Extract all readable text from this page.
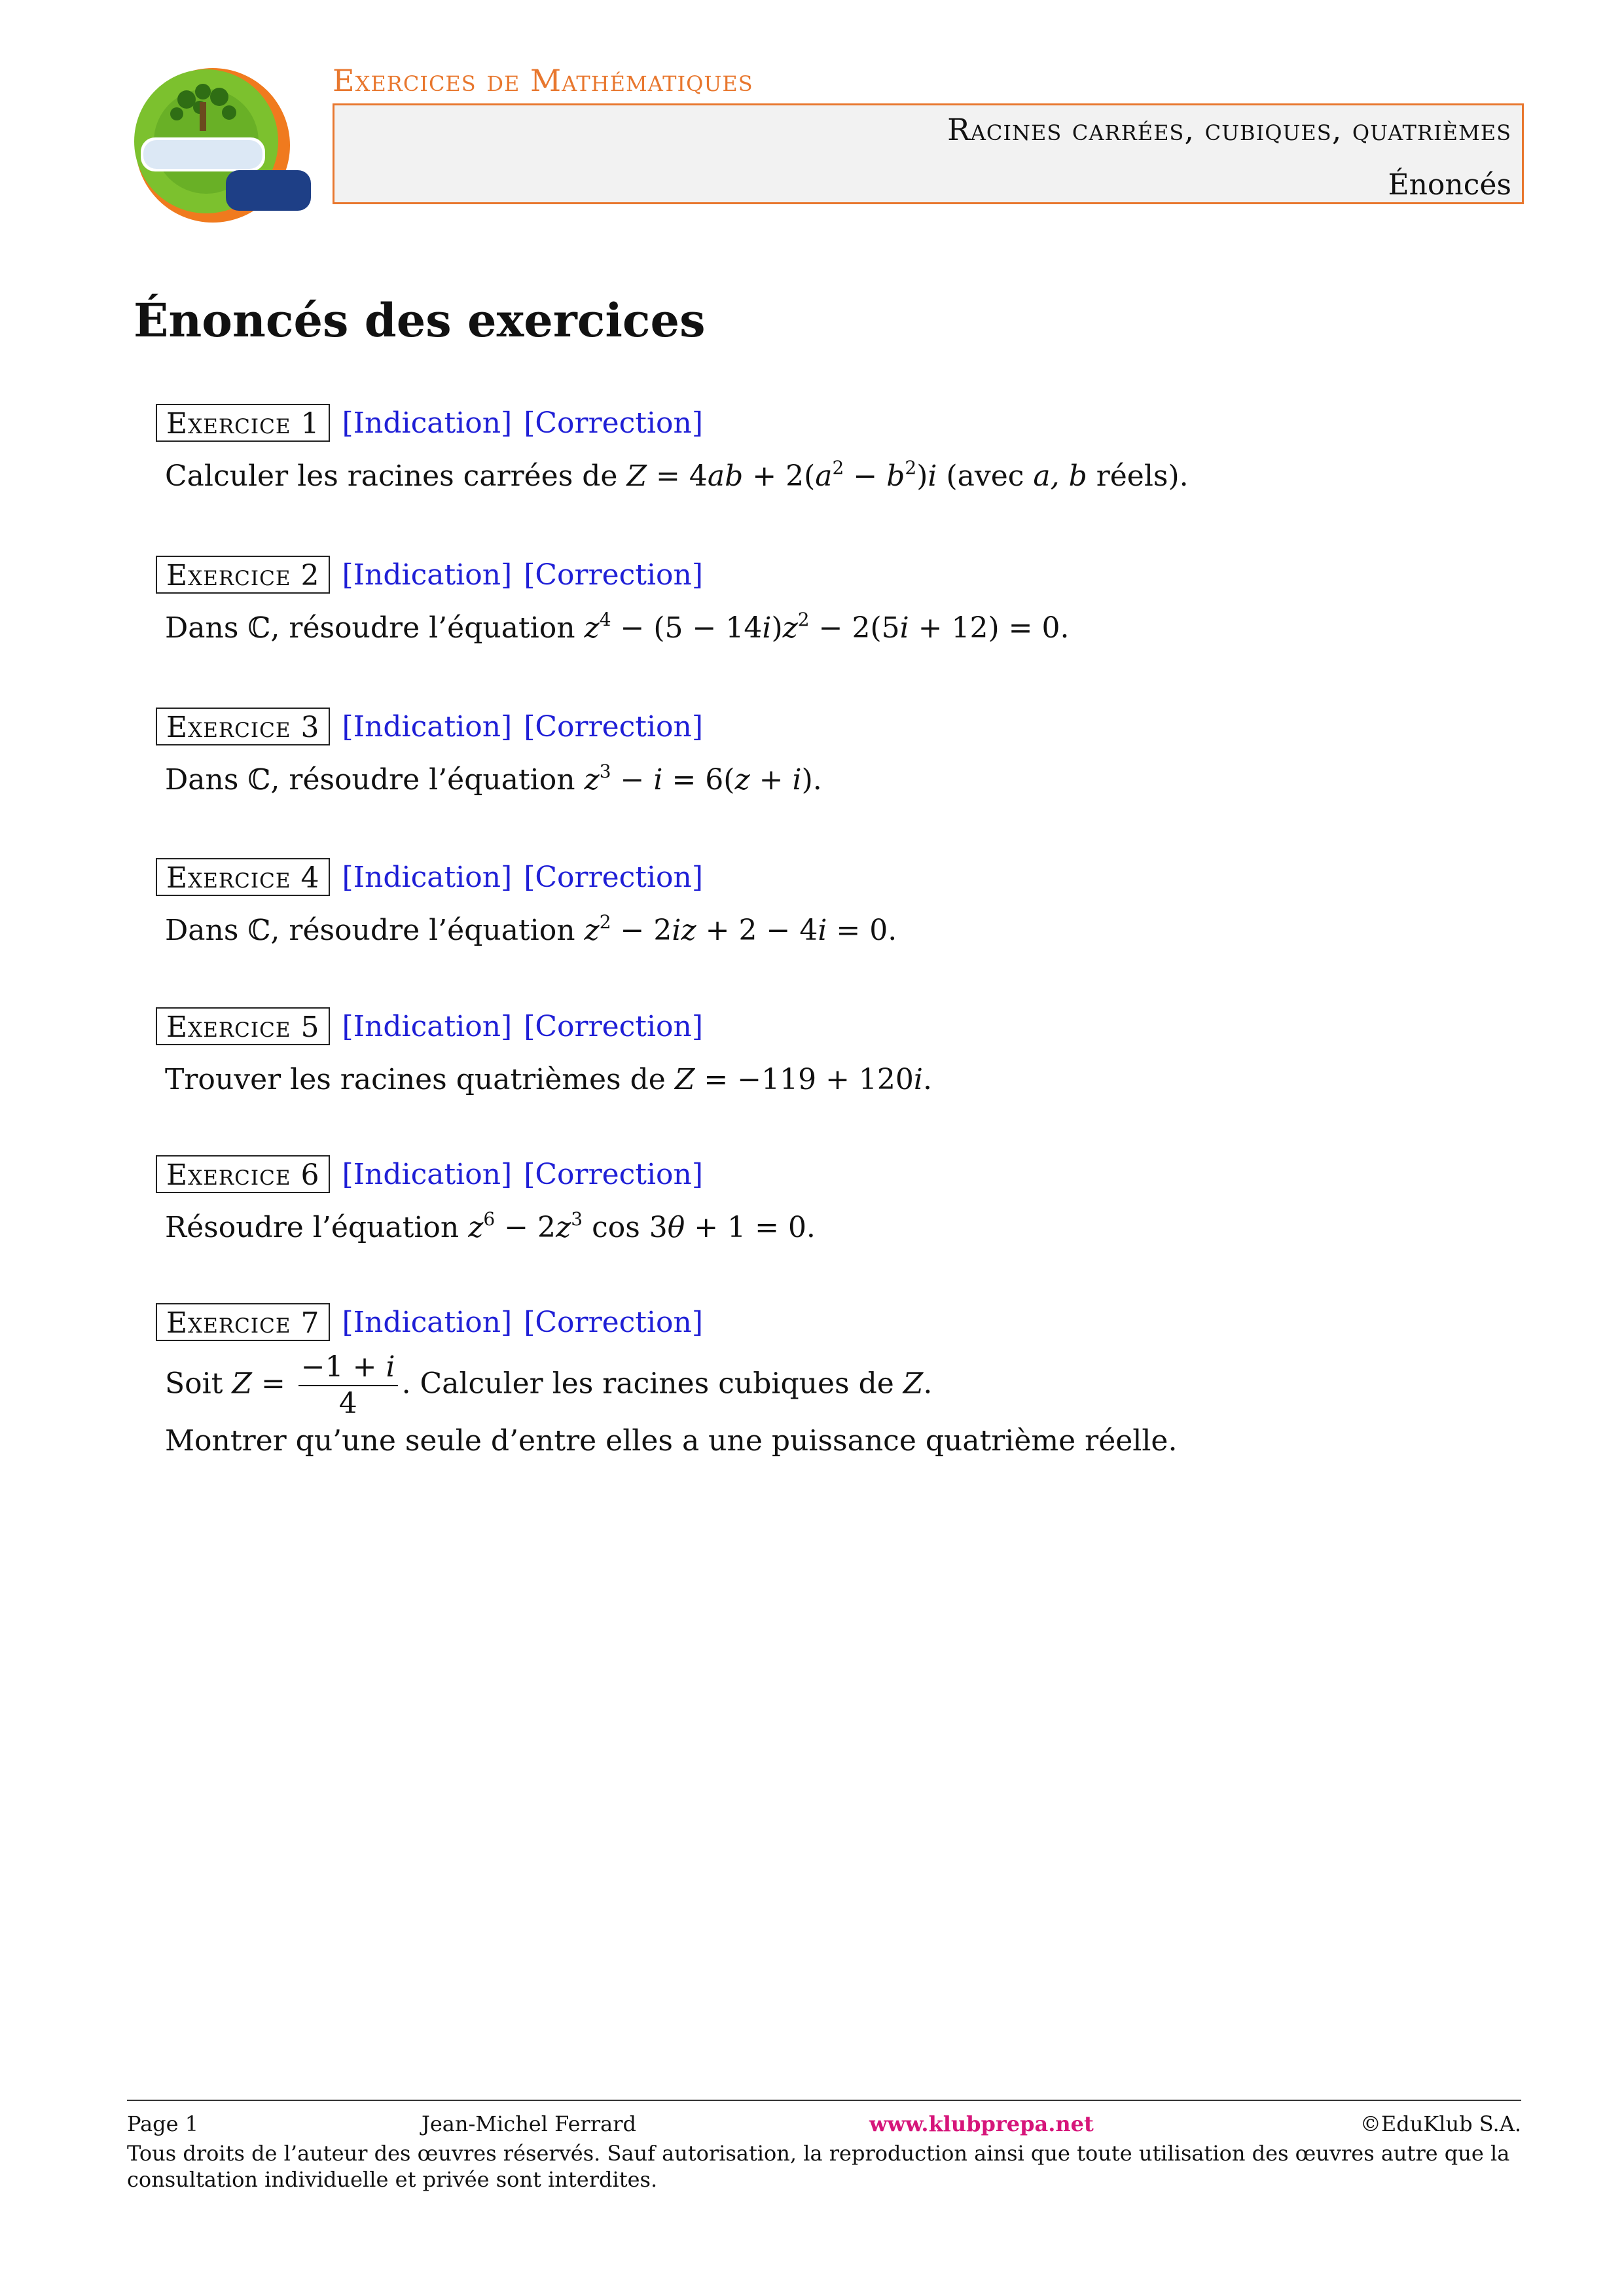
Exercices de Mathématiques
Racines carrées, cubiques, quatrièmes
Énoncés
Énoncés des exercices
Exercice 1 [Indication] [Correction]
Calculer les racines carrées de $Z = 4ab + 2(a^2 - b^2)i$ (avec a, b réels).
Exercice 2 [Indication] [Correction]
Dans ℂ, résoudre l’équation $z^4 - (5 - 14i)z^2 - 2(5i + 12) = 0$.
Exercice 3 [Indication] [Correction]
Dans ℂ, résoudre l’équation $z^3 - i = 6(z + i)$.
Exercice 4 [Indication] [Correction]
Dans ℂ, résoudre l’équation $z^2 - 2iz + 2 - 4i = 0$.
Exercice 5 [Indication] [Correction]
Trouver les racines quatrièmes de Z = −119 + 120i.
Exercice 6 [Indication] [Correction]
Résoudre l’équation $z^6 - 2z^3$ cos 3θ + 1 = 0.
Exercice 7 [Indication] [Correction]
Soit $Z = \frac{-1 + i}{4}$ . Calculer les racines cubiques de Z.
Montrer qu’une seule d’entre elles a une puissance quatrième réelle.
Page 1	Jean-Michel Ferrard	www.klubprepa.net	©EduKlub S.A.
Tous droits de l’auteur des œuvres réservés. Sauf autorisation, la reproduction ainsi que toute utilisation des œuvres autre que la consultation individuelle et privée sont interdites.
